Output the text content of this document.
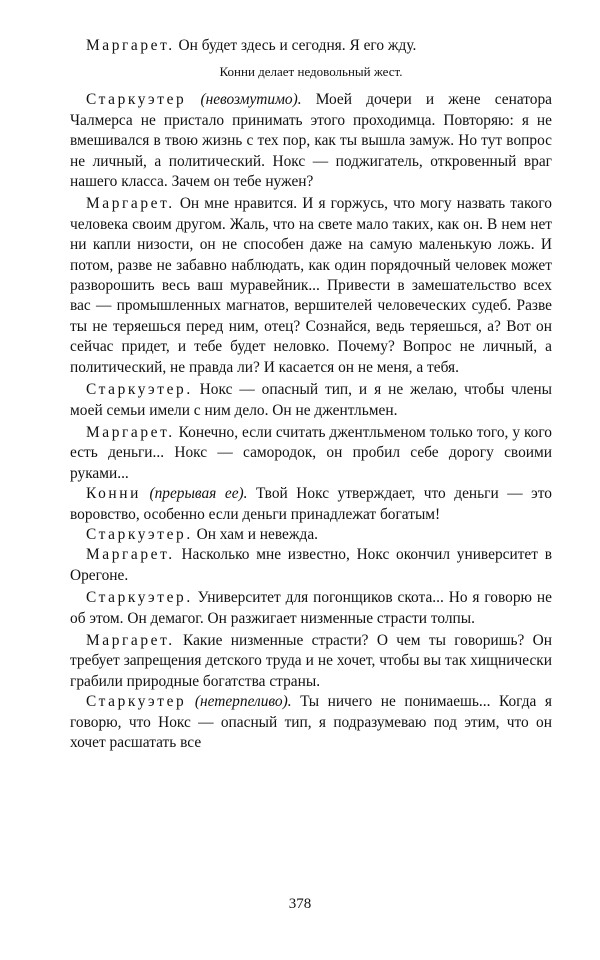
Маргарет. Он будет здесь и сегодня. Я его жду.

Конни делает недовольный жест.

Старкуэтер (невозмутимо). Моей дочери и жене сенатора Чалмерса не пристало принимать этого проходимца. Повторяю: я не вмешивался в твою жизнь с тех пор, как ты вышла замуж. Но тут вопрос не личный, а политический. Нокс — поджигатель, откровенный враг нашего класса. Зачем он тебе нужен?

Маргарет. Он мне нравится. И я горжусь, что могу назвать такого человека своим другом. Жаль, что на свете мало таких, как он. В нем нет ни капли низости, он не способен даже на самую маленькую ложь. И потом, разве не забавно наблюдать, как один порядочный человек может разворошить весь ваш муравейник... Привести в замешательство всех вас — промышленных магнатов, вершителей человеческих судеб. Разве ты не теряешься перед ним, отец? Сознайся, ведь теряешься, а? Вот он сейчас придет, и тебе будет неловко. Почему? Вопрос не личный, а политический, не правда ли? И касается он не меня, а тебя.

Старкуэтер. Нокс — опасный тип, и я не желаю, чтобы члены моей семьи имели с ним дело. Он не джентльмен.

Маргарет. Конечно, если считать джентльменом только того, у кого есть деньги... Нокс — самородок, он пробил себе дорогу своими руками...

Конни (прерывая ее). Твой Нокс утверждает, что деньги — это воровство, особенно если деньги принадлежат богатым!

Старкуэтер. Он хам и невежда.

Маргарет. Насколько мне известно, Нокс окончил университет в Орегоне.

Старкуэтер. Университет для погонщиков скота... Но я говорю не об этом. Он демагог. Он разжигает низменные страсти толпы.

Маргарет. Какие низменные страсти? О чем ты говоришь? Он требует запрещения детского труда и не хочет, чтобы вы так хищнически грабили природные богатства страны.

Старкуэтер (нетерпеливо). Ты ничего не понимаешь... Когда я говорю, что Нокс — опасный тип, я подразумеваю под этим, что он хочет расшатать все

378
